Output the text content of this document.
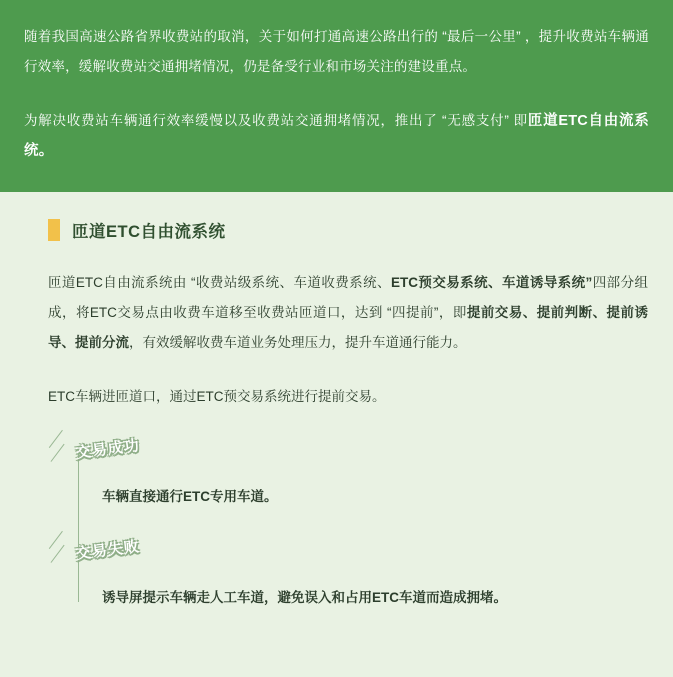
随着我国高速公路省界收费站的取消，关于如何打通高速公路出行的 “最后一公里” ，提升收费站车辆通行效率，缓解收费站交通拥堵情况，仍是备受行业和市场关注的建设重点。

为解决收费站车辆通行效率缓慢以及收费站交通拥堵情况，推出了 “无感支付” 即匝道ETC自由流系统。

匝道ETC自由流系统

匝道ETC自由流系统由 “收费站级系统、车道收费系统、ETC预交易系统、车道诱导系统”四部分组成，将ETC交易点由收费车道移至收费站匝道口，达到 “四提前”，即提前交易、提前判断、提前诱导、提前分流，有效缓解收费车道业务处理压力，提升车道通行能力。

ETC车辆进匝道口，通过ETC预交易系统进行提前交易。

交易成功
车辆直接通行ETC专用车道。
交易失败
诱导屏提示车辆走人工车道，避免误入和占用ETC车道而造成拥堵。
